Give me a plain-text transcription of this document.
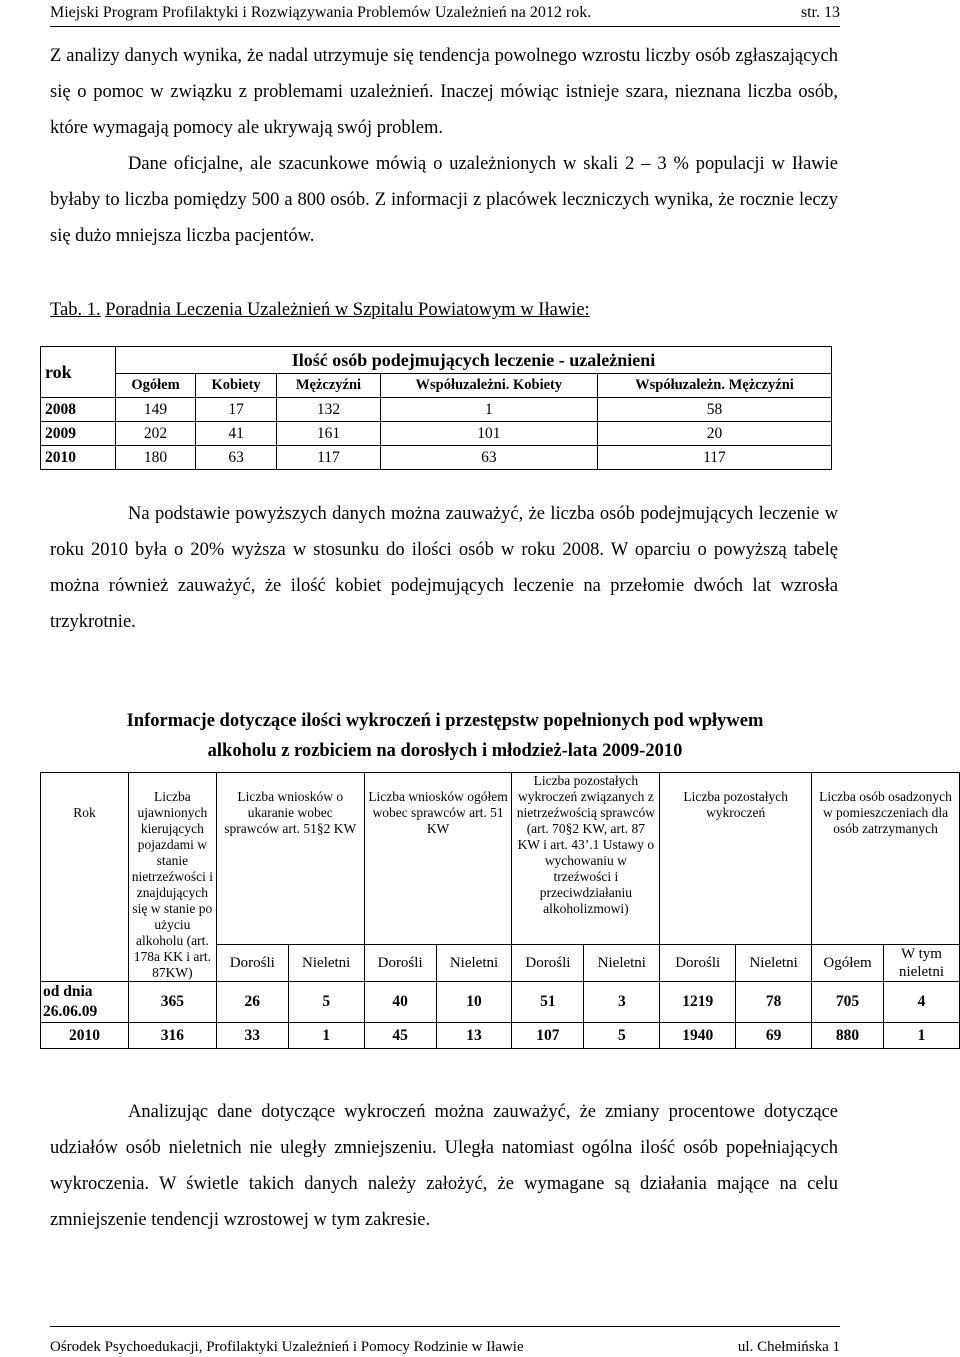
Miejski Program Profilaktyki i Rozwiązywania Problemów Uzależnień na 2012 rok.	str. 13

Z analizy danych wynika, że nadal utrzymuje się tendencja powolnego wzrostu liczby osób zgłaszających się o pomoc w związku z problemami uzależnień. Inaczej mówiąc istnieje szara, nieznana liczba osób, które wymagają pomocy ale ukrywają swój problem.

Dane oficjalne, ale szacunkowe mówią o uzależnionych w skali 2 – 3 % populacji w Iławie byłaby to liczba pomiędzy 500 a 800 osób. Z informacji z placówek leczniczych wynika, że rocznie leczy się dużo mniejsza liczba pacjentów.

Tab. 1. Poradnia Leczenia Uzależnień w Szpitalu Powiatowym w Iławie:
rok	Ilość osób podejmujących leczenie - uzależnieni				
	Ogółem	Kobiety	Mężczyźni	Współuzależni. Kobiety	Współuzależn. Mężczyźni
2008	149	17	132	1	58
2009	202	41	161	101	20
2010	180	63	117	63	117

Na podstawie powyższych danych można zauważyć, że liczba osób podejmujących leczenie w roku 2010 była o 20% wyższa w stosunku do ilości osób w roku 2008. W oparciu o powyższą tabelę można również zauważyć, że ilość kobiet podejmujących leczenie na przełomie dwóch lat wzrosła trzykrotnie.

Informacje dotyczące ilości wykroczeń i przestępstw popełnionych pod wpływem
alkoholu z rozbiciem na dorosłych i młodzież-lata 2009-2010
Rok	Liczba ujawnionych kierujących pojazdami w stanie nietrzeźwości i znajdujących się w stanie po użyciu alkoholu (art. 178a KK i art. 87KW)	Liczba wniosków o ukaranie wobec sprawców art. 51§2 KW		Liczba wniosków ogółem wobec sprawców art. 51 KW		Liczba pozostałych wykroczeń związanych z nietrzeźwością sprawców (art. 70§2 KW, art. 87 KW i art. 43’.1 Ustawy o wychowaniu w trzeźwości i przeciwdziałaniu alkoholizmowi)		Liczba pozostałych wykroczeń		Liczba osób osadzonych w pomieszczeniach dla osób zatrzymanych	
		Dorośli	Nieletni	Dorośli	Nieletni	Dorośli	Nieletni	Dorośli	Nieletni	Ogółem	W tym nieletni
od dnia 26.06.09	365	26	5	40	10	51	3	1219	78	705	4
2010	316	33	1	45	13	107	5	1940	69	880	1

Analizując dane dotyczące wykroczeń można zauważyć, że zmiany procentowe dotyczące udziałów osób nieletnich nie uległy zmniejszeniu. Uległa natomiast ogólna ilość osób popełniających wykroczenia. W świetle takich danych należy założyć, że wymagane są działania mające na celu zmniejszenie tendencji wzrostowej w tym zakresie.

Ośrodek Psychoedukacji, Profilaktyki Uzależnień i Pomocy Rodzinie w Iławie	ul. Chełmińska 1
